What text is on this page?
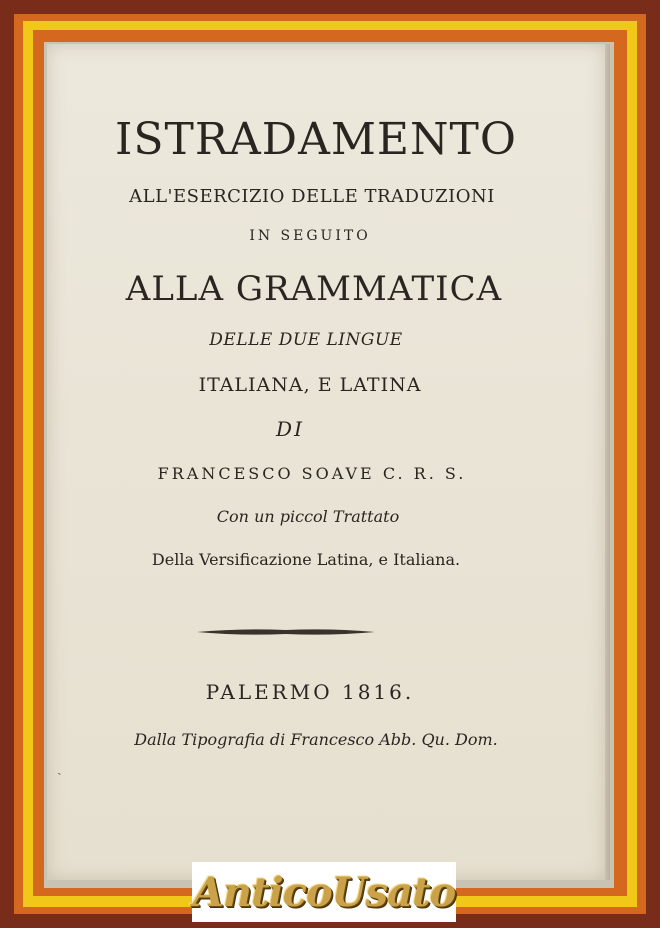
ISTRADAMENTO
ALL'ESERCIZIO DELLE TRADUZIONI
IN SEGUITO
ALLA GRAMMATICA
DELLE DUE LINGUE
ITALIANA, E LATINA
DI
FRANCESCO SOAVE C. R. S.
Con un piccol Trattato
Della Versificazione Latina, e Italiana.
PALERMO 1816.
Dalla Tipografia di Francesco Abb. Qu. Dom.
ˎ
AnticoUsato
